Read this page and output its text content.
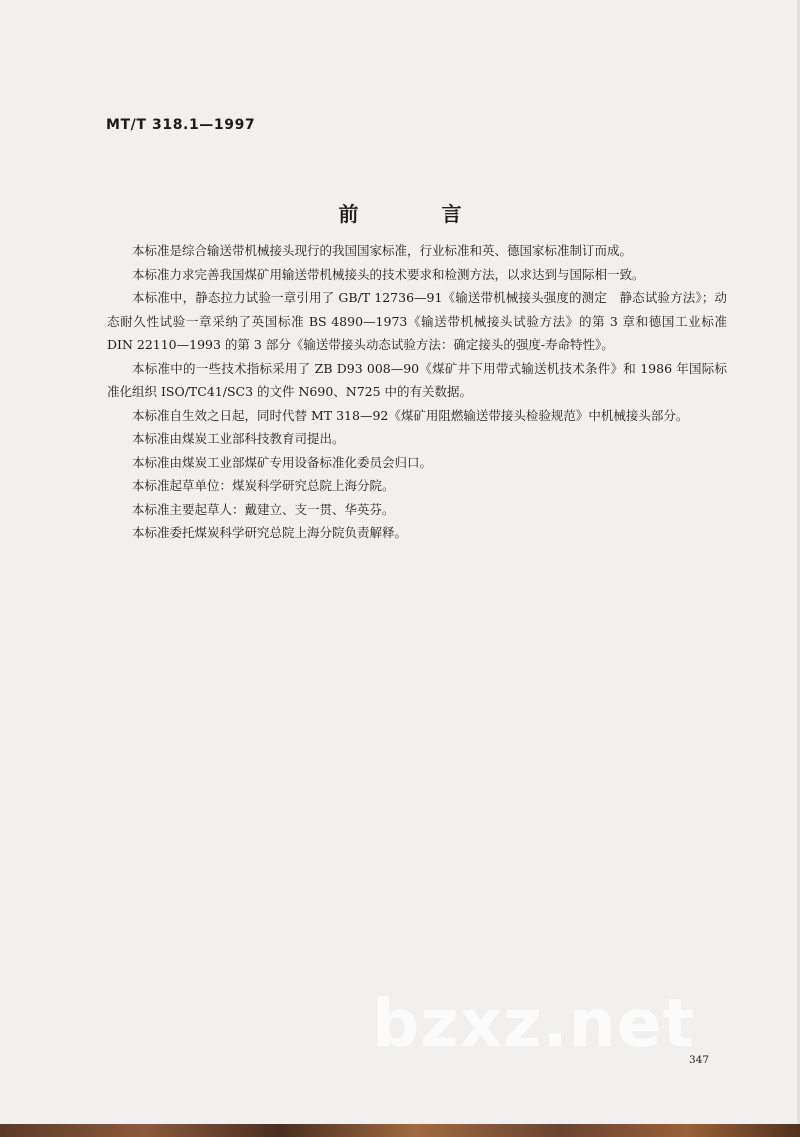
MT/T 318.1—1997
前 言

本标准是综合输送带机械接头现行的我国国家标准，行业标准和英、德国家标准制订而成。

本标准力求完善我国煤矿用输送带机械接头的技术要求和检测方法，以求达到与国际相一致。

本标准中，静态拉力试验一章引用了 GB/T 12736—91《输送带机械接头强度的测定　静态试验方法》；动态耐久性试验一章采纳了英国标准 BS 4890—1973《输送带机械接头试验方法》的第 3 章和德国工业标准 DIN 22110—1993 的第 3 部分《输送带接头动态试验方法：确定接头的强度-寿命特性》。

本标准中的一些技术指标采用了 ZB D93 008—90《煤矿井下用带式输送机技术条件》和 1986 年国际标准化组织 ISO/TC41/SC3 的文件 N690、N725 中的有关数据。

本标准自生效之日起，同时代替 MT 318—92《煤矿用阻燃输送带接头检验规范》中机械接头部分。

本标准由煤炭工业部科技教育司提出。

本标准由煤炭工业部煤矿专用设备标准化委员会归口。

本标准起草单位：煤炭科学研究总院上海分院。

本标准主要起草人：戴建立、支一贯、华英芬。

本标准委托煤炭科学研究总院上海分院负责解释。

bzxz.net
347
